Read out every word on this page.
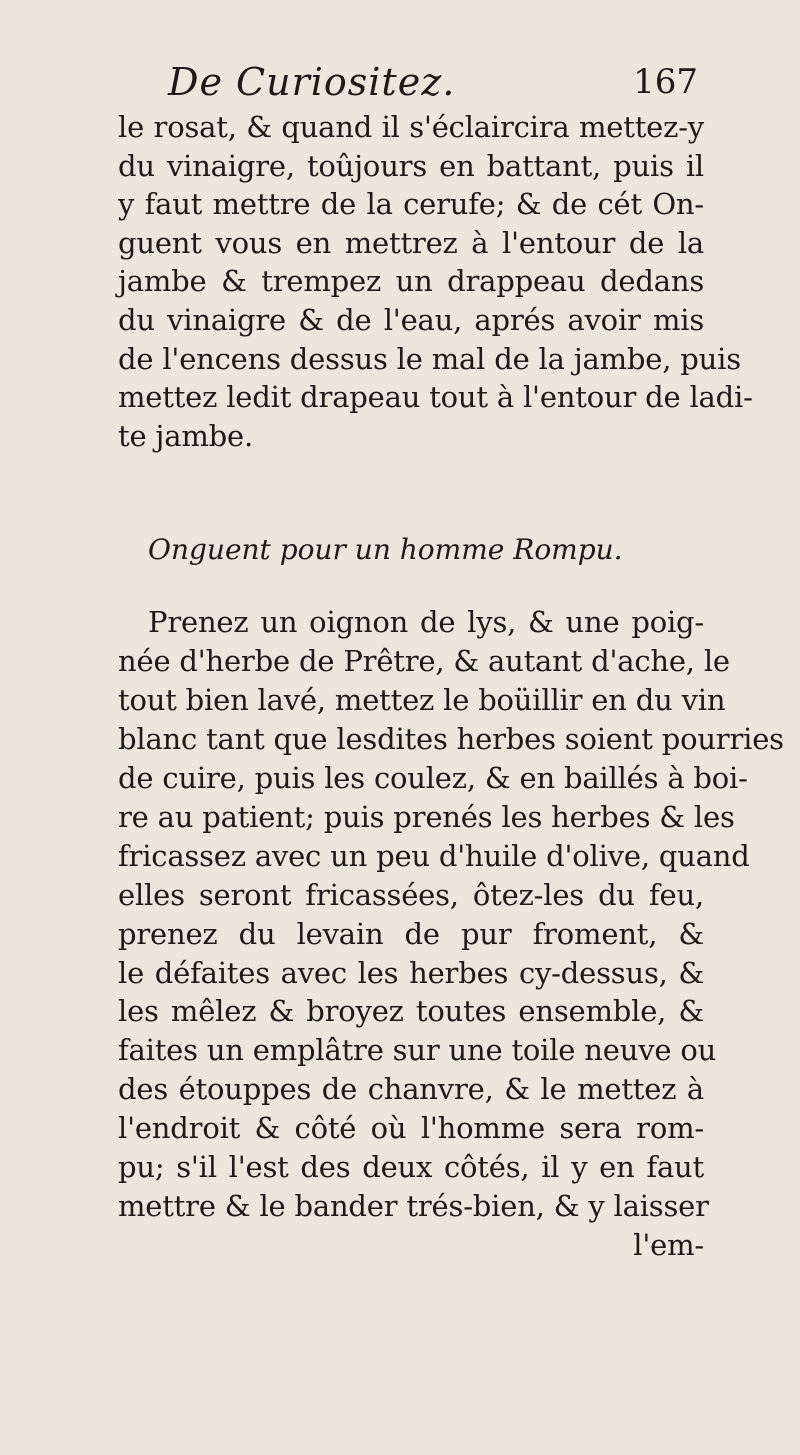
De Curiositez.	167
le rosat, & quand il s'éclaircira mettez-y
du vinaigre, toûjours en battant, puis il
y faut mettre de la cerufe; & de cét On-
guent vous en mettrez à l'entour de la
jambe & trempez un drappeau dedans
du vinaigre & de l'eau, aprés avoir mis
de l'encens dessus le mal de la jambe, puis
mettez ledit drapeau tout à l'entour de ladi-
te jambe.
Onguent pour un homme Rompu.
Prenez un oignon de lys, & une poig-
née d'herbe de Prêtre, & autant d'ache, le
tout bien lavé, mettez le boüillir en du vin
blanc tant que lesdites herbes soient pourries
de cuire, puis les coulez, & en baillés à boi-
re au patient; puis prenés les herbes & les
fricassez avec un peu d'huile d'olive, quand
elles seront fricassées, ôtez-les du feu,
prenez du levain de pur froment, &
le défaites avec les herbes cy-dessus, &
les mêlez & broyez toutes ensemble, &
faites un emplâtre sur une toile neuve ou
des étouppes de chanvre, & le mettez à
l'endroit & côté où l'homme sera rom-
pu; s'il l'est des deux côtés, il y en faut
mettre & le bander trés-bien, & y laisser
l'em-
